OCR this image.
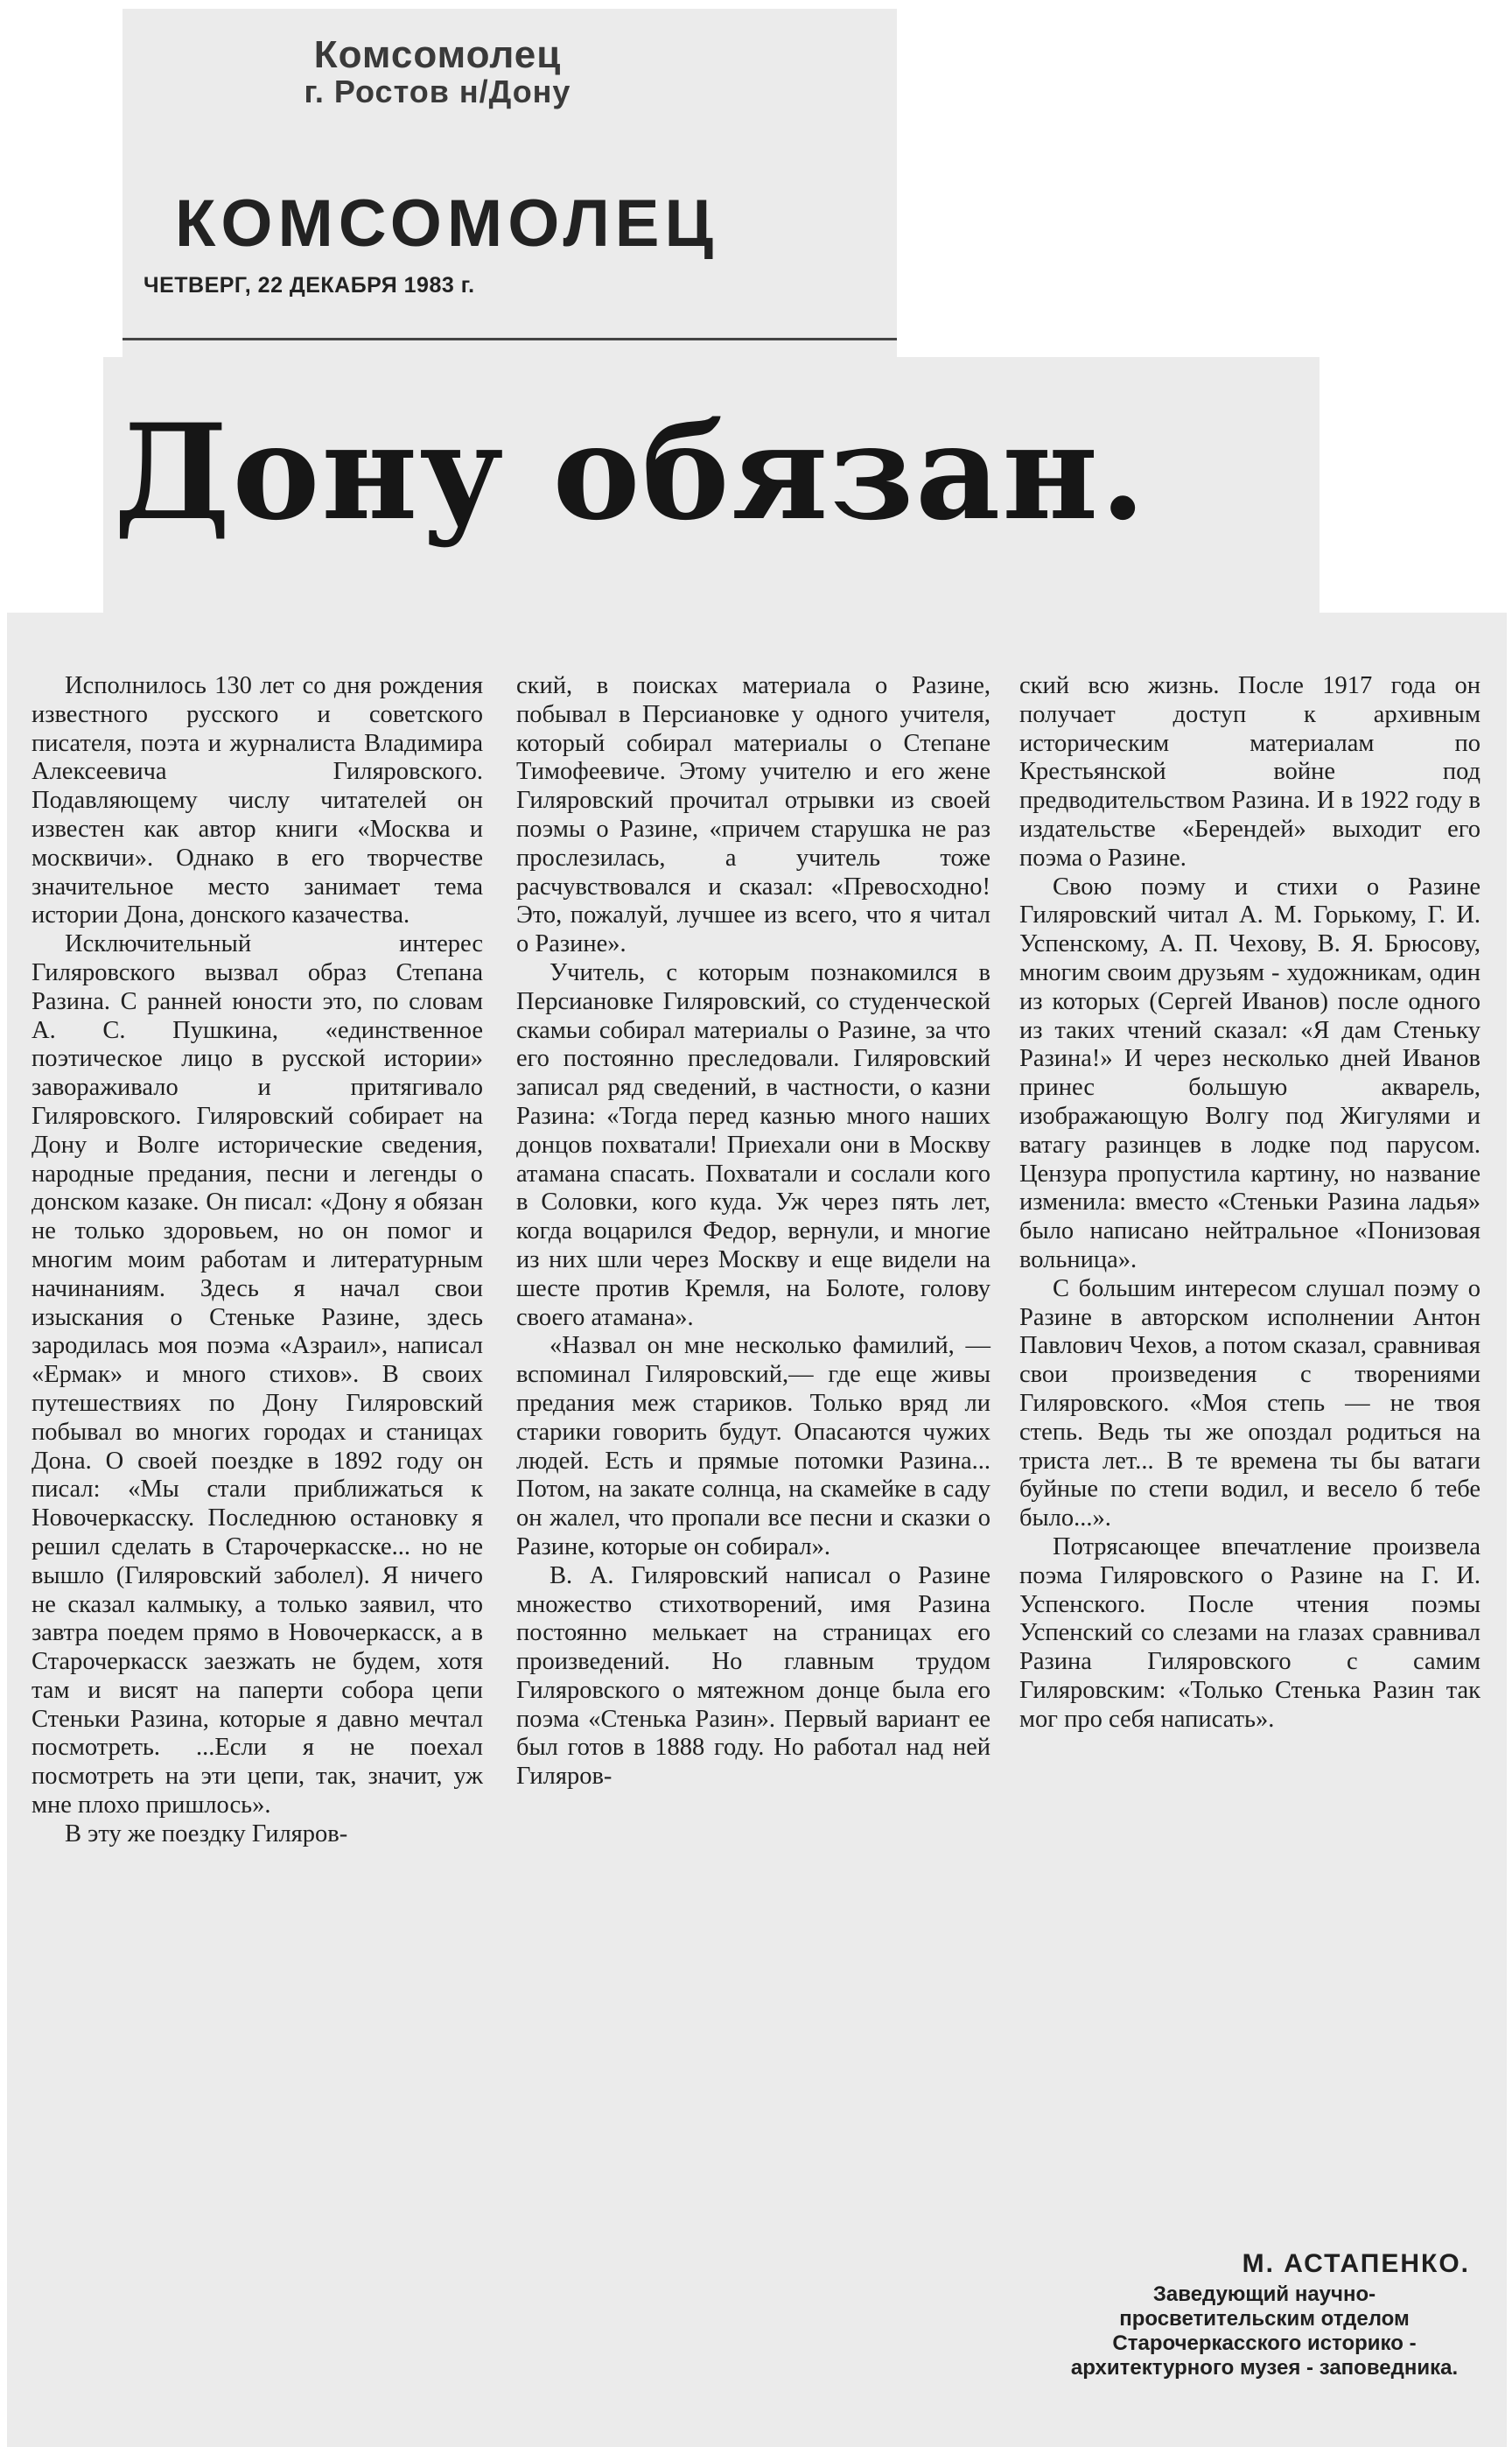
Комсомолец
г. Ростов н/Дону
КОМСОМОЛЕЦ
ЧЕТВЕРГ, 22 ДЕКАБРЯ 1983 г.
Дону обязан.

Исполнилось 130 лет со дня рождения известного русского и советского писателя, поэта и журналиста Владимира Алексеевича Гиляровского. Подавляющему числу читателей он известен как автор книги «Москва и москвичи». Однако в его творчестве значительное место занимает тема истории Дона, донского казачества.

Исключительный интерес Гиляровского вызвал образ Степана Разина. С ранней юности это, по словам А. С. Пушкина, «единственное поэтическое лицо в русской истории» завораживало и притягивало Гиляровского. Гиляровский собирает на Дону и Волге исторические сведения, народные предания, песни и легенды о донском казаке. Он писал: «Дону я обязан не только здоровьем, но он помог и многим моим работам и литературным начинаниям. Здесь я начал свои изыскания о Стеньке Разине, здесь зародилась моя поэма «Азраил», написал «Ермак» и много стихов». В своих путешествиях по Дону Гиляровский побывал во многих городах и станицах Дона. О своей поездке в 1892 году он писал: «Мы стали приближаться к Новочеркасску. Последнюю остановку я решил сделать в Старочеркасске... но не вышло (Гиляровский заболел). Я ничего не сказал калмыку, а только заявил, что завтра поедем прямо в Новочеркасск, а в Старочеркасск заезжать не будем, хотя там и висят на паперти собора цепи Стеньки Разина, которые я давно мечтал посмотреть. ...Если я не поехал посмотреть на эти цепи, так, значит, уж мне плохо пришлось».

В эту же поездку Гиляров-

ский, в поисках материала о Разине, побывал в Персиановке у одного учителя, который собирал материалы о Степане Тимофеевиче. Этому учителю и его жене Гиляровский прочитал отрывки из своей поэмы о Разине, «причем старушка не раз прослезилась, а учитель тоже расчувствовался и сказал: «Превосходно! Это, пожалуй, лучшее из всего, что я читал о Разине».

Учитель, с которым познакомился в Персиановке Гиляровский, со студенческой скамьи собирал материалы о Разине, за что его постоянно преследовали. Гиляровский записал ряд сведений, в частности, о казни Разина: «Тогда перед казнью много наших донцов похватали! Приехали они в Москву атамана спасать. Похватали и сослали кого в Соловки, кого куда. Уж через пять лет, когда воцарился Федор, вернули, и многие из них шли через Москву и еще видели на шесте против Кремля, на Болоте, голову своего атамана».

«Назвал он мне несколько фамилий, — вспоминал Гиляровский,— где еще живы предания меж стариков. Только вряд ли старики говорить будут. Опасаются чужих людей. Есть и прямые потомки Разина... Потом, на закате солнца, на скамейке в саду он жалел, что пропали все песни и сказки о Разине, которые он собирал».

В. А. Гиляровский написал о Разине множество стихотворений, имя Разина постоянно мелькает на страницах его произведений. Но главным трудом Гиляровского о мятежном донце была его поэма «Стенька Разин». Первый вариант ее был готов в 1888 году. Но работал над ней Гиляров-

ский всю жизнь. После 1917 года он получает доступ к архивным историческим материалам по Крестьянской войне под предводительством Разина. И в 1922 году в издательстве «Берендей» выходит его поэма о Разине.

Свою поэму и стихи о Разине Гиляровский читал А. М. Горькому, Г. И. Успенскому, А. П. Чехову, В. Я. Брюсову, многим своим друзьям - художникам, один из которых (Сергей Иванов) после одного из таких чтений сказал: «Я дам Стеньку Разина!» И через несколько дней Иванов принес большую акварель, изображающую Волгу под Жигулями и ватагу разинцев в лодке под парусом. Цензура пропустила картину, но название изменила: вместо «Стеньки Разина ладья» было написано нейтральное «Понизовая вольница».

С большим интересом слушал поэму о Разине в авторском исполнении Антон Павлович Чехов, а потом сказал, сравнивая свои произведения с творениями Гиляровского. «Моя степь — не твоя степь. Ведь ты же опоздал родиться на триста лет... В те времена ты бы ватаги буйные по степи водил, и весело б тебе было...».

Потрясающее впечатление произвела поэма Гиляровского о Разине на Г. И. Успенского. После чтения поэмы Успенский со слезами на глазах сравнивал Разина Гиляровского с самим Гиляровским: «Только Стенька Разин так мог про себя написать».

М. АСТАПЕНКО.
Заведующий научно-просветительским отделом Старочеркасского историко - архитектурного музея - заповедника.
